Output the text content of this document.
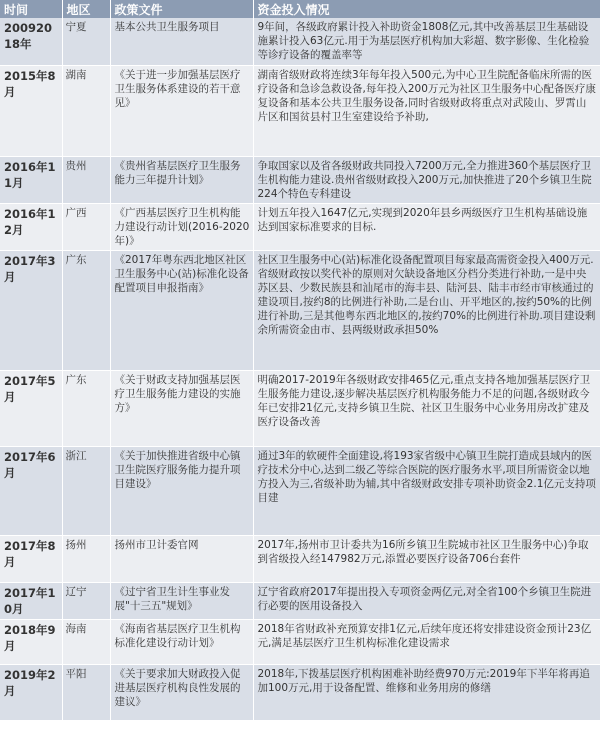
时间	地区	政策文件	资金投入情况
20092018年	宁夏	基本公共卫生服务项目	9年间，各级政府累计投入补助资金1808亿元,其中改善基层卫生基础设施累计投入63亿元.用于为基层医疗机构加大彩超、数字影像、生化检验等诊疗设备的覆盖率等
2015年8月	湖南	《关于进一步加强基层医疗卫生服务体系建设的若干意见》	湖南省级财政将连续3年每年投入500元,为中心卫生院配备临床所需的医疗设备和急诊急救设备,每年投入200万元为社区卫生服务中心配备医疗康复设备和基本公共卫生服务设备,同时省级财政将重点对武陵山、罗霄山片区和国贫县村卫生室建设给予补助,
2016年11月	贵州	《贵州省基层医疗卫生服务能力三年提升计划》	争取国家以及省各级财政共同投入7200万元,全力推进360个基层医疗卫生机构能力建设.贵州省级财政投入200万元,加快推进了20个乡镇卫生院224个特色专科建设
2016年12月	广西	《广西基层医疗卫生机构能力建设行动计划(2016-2020年)》	计划五年投入1647亿元,实现到2020年县乡两级医疗卫生机构基础设施达到国家标准要求的目标.
2017年3月	广东	《2017年粤东西北地区社区卫生服务中心(站)标准化设备配置项目申报指南》	社区卫生服务中心(站)标准化设备配置项目每家最高需资金投入400万元.省级财政按以奖代补的原则对欠缺设备地区分档分类进行补助,一是中央苏区县、少数民族县和汕尾市的海丰县、陆河县、陆丰市经市审核通过的建设项目,按约8的比例进行补助,二是台山、开平地区的,按约50%的比例进行补助,三是其他粤东西北地区的,按约70%的比例进行补助.项目建设剩余所需资金由市、县两级财政承担50%
2017年5月	广东	《关于财政支持加强基层医疗卫生服务能力建设的实施方》	明确2017-2019年各级财政安排465亿元,重点支持各地加强基层医疗卫生服务能力建设,逐步解决基层医疗机构服务能力不足的问题,各级财政今年已安排21亿元,支持乡镇卫生院、社区卫生服务中心业务用房改扩建及医疗设备改善
2017年6月	浙江	《关于加快推进省级中心镇卫生院医疗服务能力提升项目建设》	通过3年的软硬件全面建设,将193家省级中心镇卫生院打造成县域内的医疗技术分中心,达到二级乙等综合医院的医疗服务水平,项目所需资金以地方投入为三,省级补助为辅,其中省级财政安排专项补助资金2.1亿元支持项目建
2017年8月	扬州	扬州市卫计委官网	2017年,扬州市卫计委共为16所乡镇卫生院城市社区卫生服务中心)争取到省级投入经147982万元,添置必要医疗设备706台套件
2017年10月	辽宁	《过宁省卫生计生事业发展"十三五"规划》	辽宁省政府2017年提出投入专项资金两亿元,对全省100个乡镇卫生院进行必要的医用设备投入
2018年9月	海南	《海南省基层医疗卫生机构标准化建设行动计划》	2018年省财政补充预算安排1亿元,后续年度还将安排建设资金预计23亿元,满足基层医疗卫生机构标准化建设需求
2019年2月	平阳	《关于要求加大财政投入促进基层医疗机构良性发展的建议》	2018年,下拨基层医疗机构困难补助经费970万元:2019年下半年将再追加100万元,用于设备配置、维修和业务用房的修缮
